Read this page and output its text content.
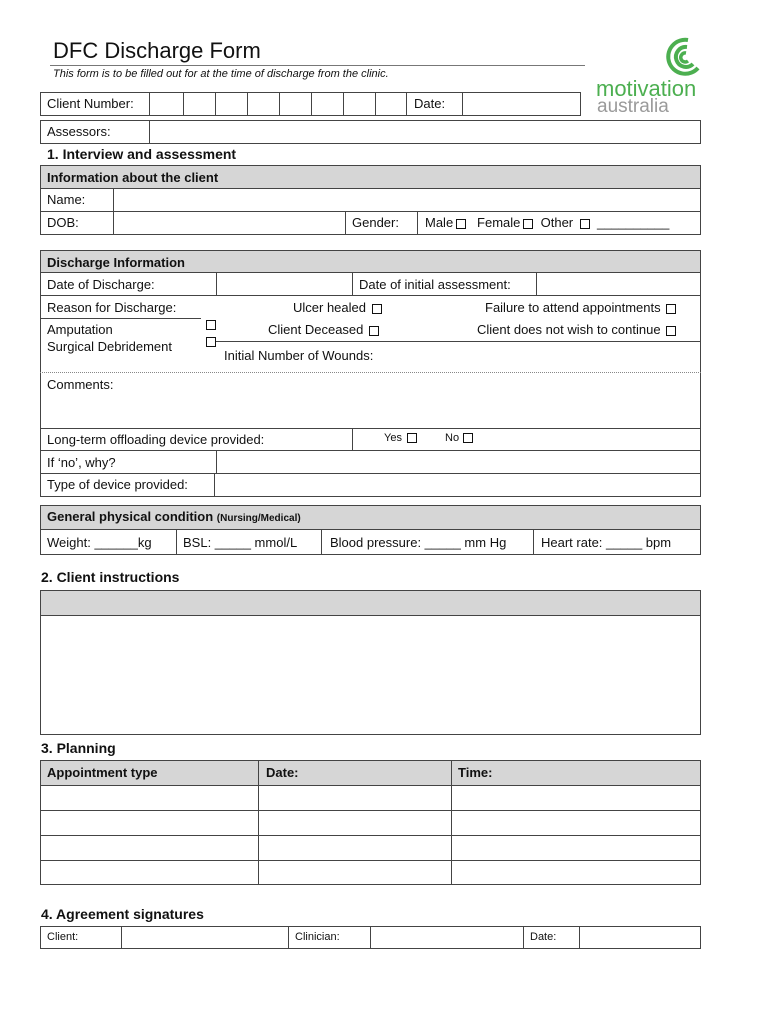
DFC Discharge Form
This form is to be filled out for at the time of discharge from the clinic.
motivation
australia
Client Number:	Date:
Assessors:
1. Interview and assessment
Information about the client
Name:
DOB:	Gender: Male Female Other __________
Discharge Information
Date of Discharge:	Date of initial assessment:
Reason for Discharge:	Ulcer healed	Failure to attend appointments
Amputation
Surgical Debridement
Client Deceased	Client does not wish to continue
Initial Number of Wounds:
Comments:
Long-term offloading device provided:	Yes	No
If ‘no’, why?
Type of device provided:
General physical condition (Nursing/Medical)
Weight: ______kg BSL: _____ mmol/L	Blood pressure: _____ mm Hg	Heart rate: _____ bpm
2. Client instructions
3. Planning
Appointment type	Date:	Time:
4. Agreement signatures
Client:	Clinician:	Date:
